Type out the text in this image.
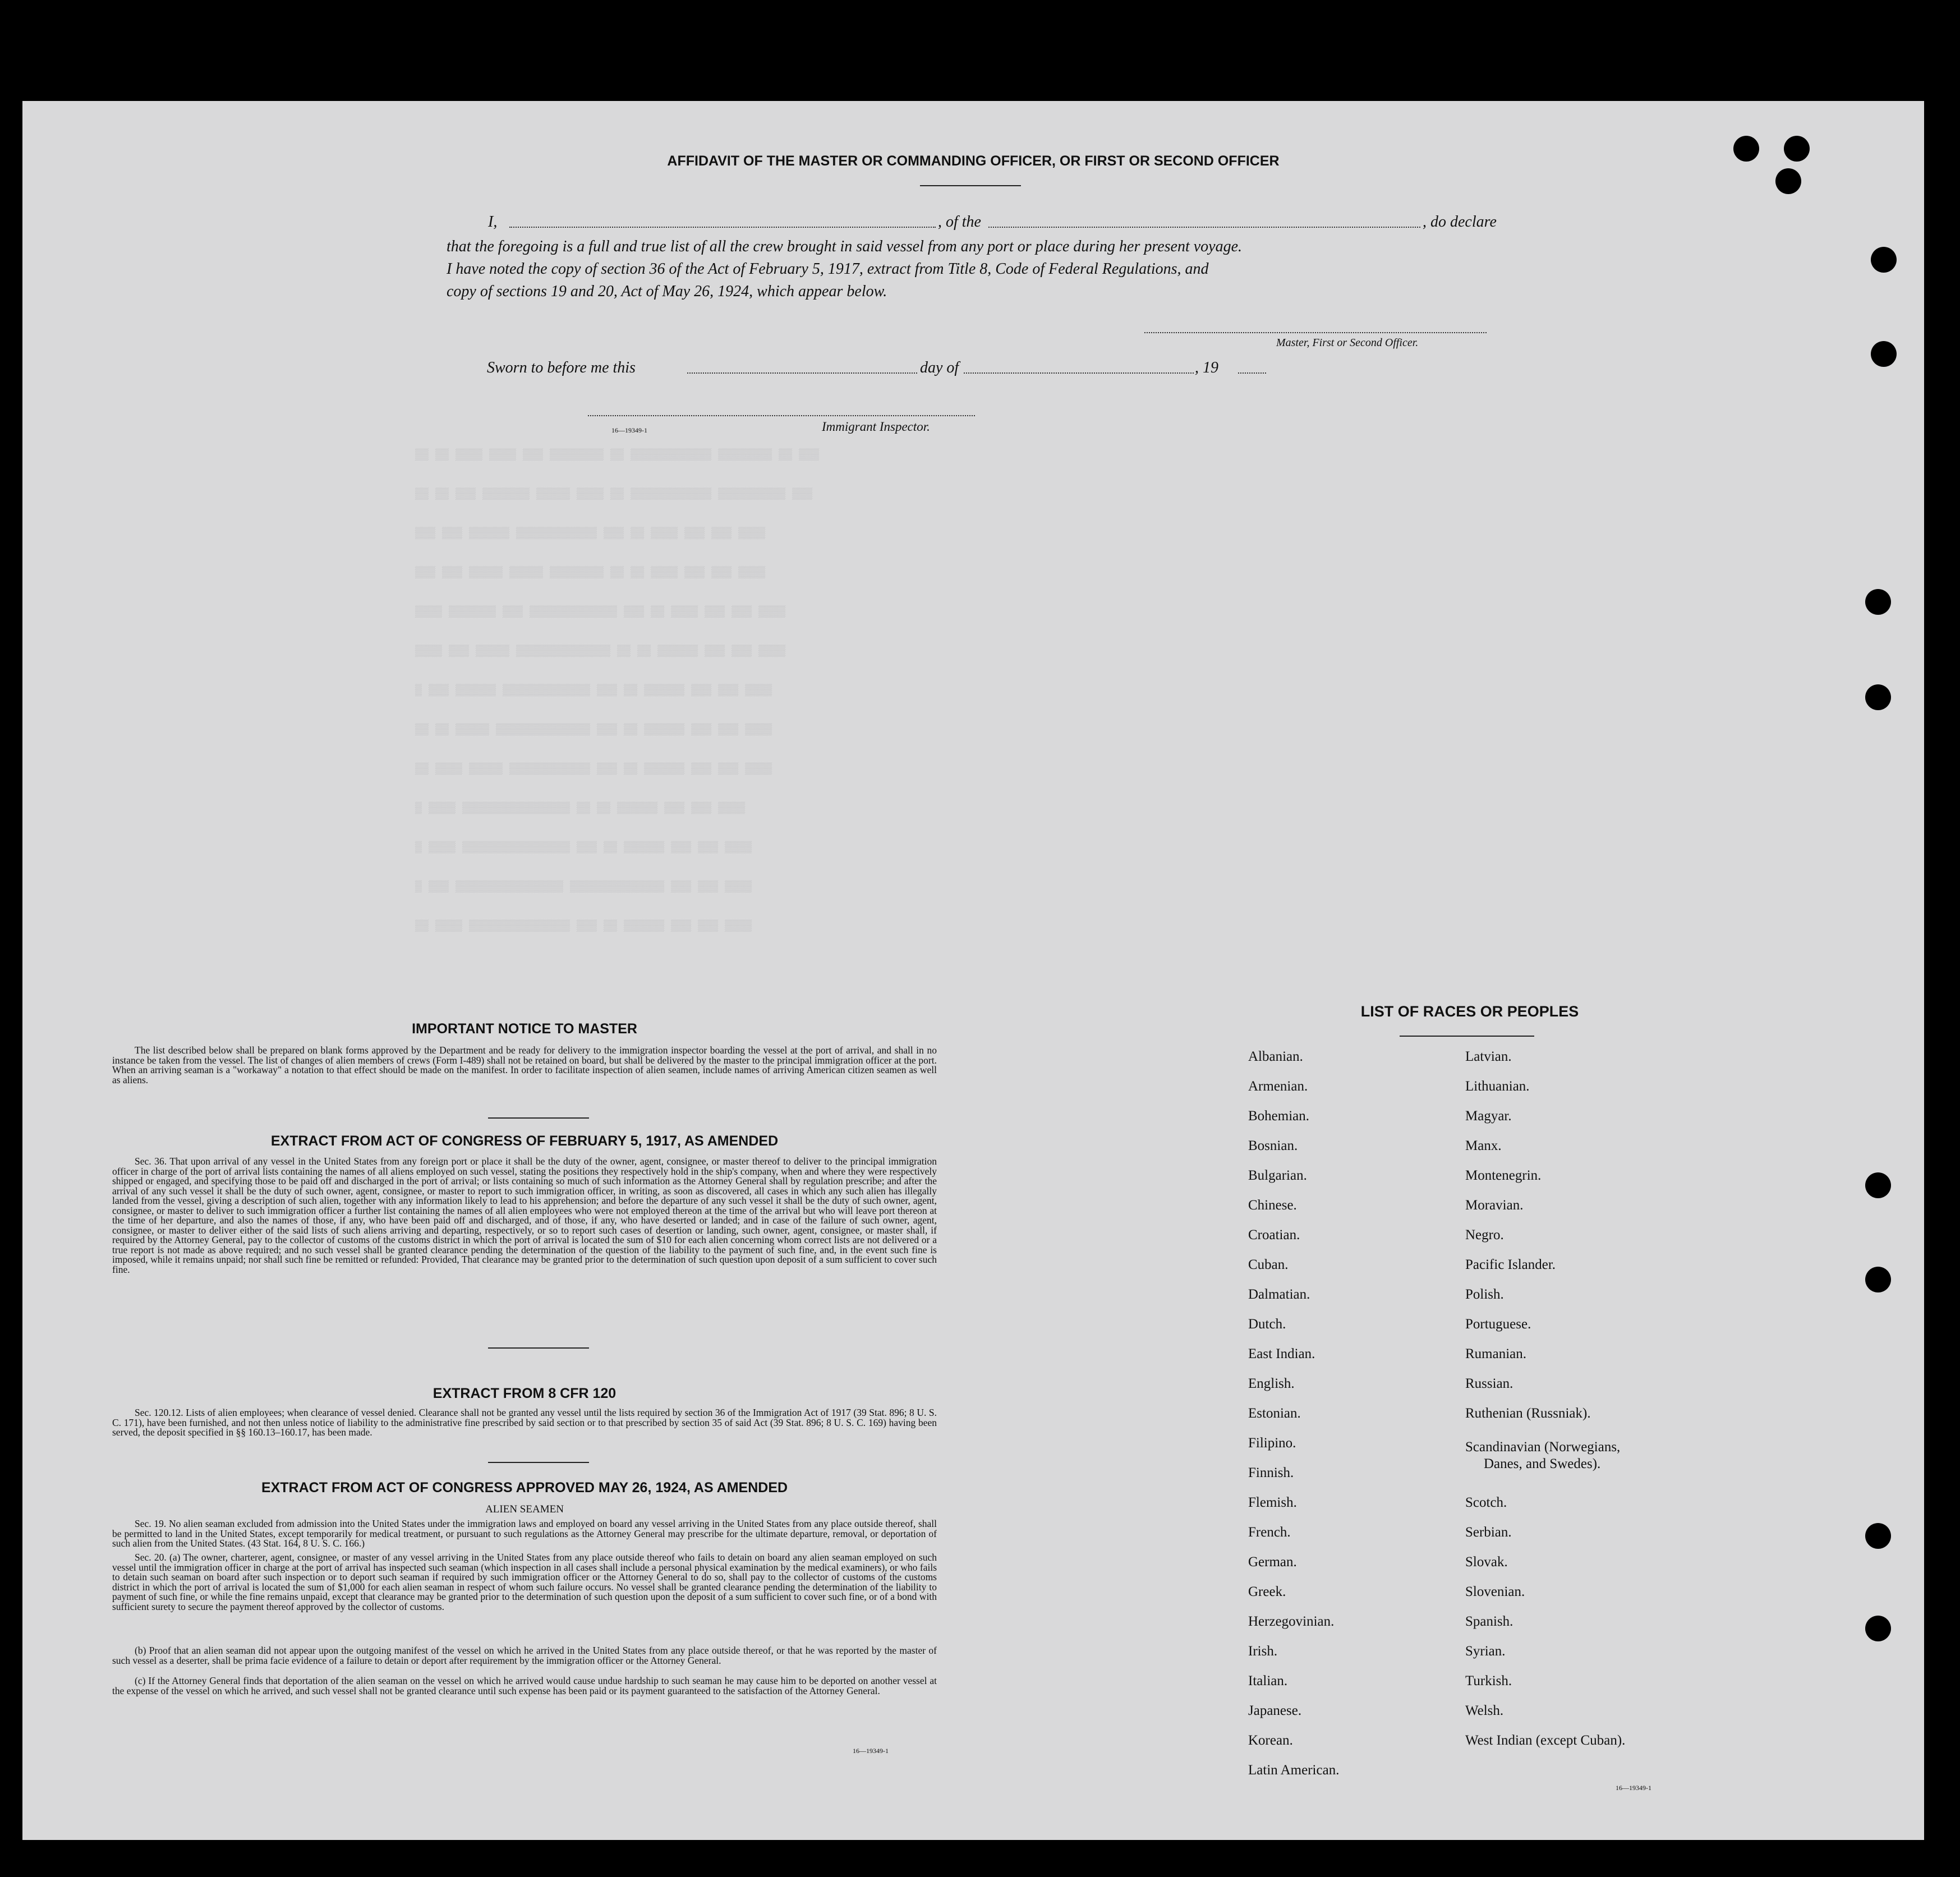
AFFIDAVIT OF THE MASTER OR COMMANDING OFFICER, OR FIRST OR SECOND OFFICER
I,	, of the	, do declare
that the foregoing is a full and true list of all the crew brought in said vessel from any port or place during her present voyage.
I have noted the copy of section 36 of the Act of February 5, 1917, extract from Title 8, Code of Federal Regulations, and
copy of sections 19 and 20, Act of May 26, 1924, which appear below.
Master, First or Second Officer.
Sworn to before me this	day of	, 19
16—19349-1	Immigrant Inspector.
▒▒ ▒▒ ▒▒▒▒ ▒▒▒▒ ▒▒▒ ▒▒▒▒▒▒▒▒ ▒▒ ▒▒▒▒▒▒▒▒▒▒▒▒ ▒▒▒▒▒▒▒▒ ▒▒ ▒▒▒
▒▒ ▒▒ ▒▒▒ ▒▒▒▒▒▒▒ ▒▒▒▒▒ ▒▒▒▒ ▒▒ ▒▒▒▒▒▒▒▒▒▒▒▒ ▒▒▒▒▒▒▒▒▒▒ ▒▒▒
▒▒▒ ▒▒▒ ▒▒▒▒▒▒ ▒▒▒▒▒▒▒▒▒▒▒▒ ▒▒▒ ▒▒ ▒▒▒▒ ▒▒▒ ▒▒▒ ▒▒▒▒
▒▒▒ ▒▒▒ ▒▒▒▒▒ ▒▒▒▒▒ ▒▒▒▒▒▒▒▒ ▒▒ ▒▒ ▒▒▒▒ ▒▒▒ ▒▒▒ ▒▒▒▒
▒▒▒▒ ▒▒▒▒▒▒▒ ▒▒▒ ▒▒▒▒▒▒▒▒▒▒▒▒▒ ▒▒▒ ▒▒ ▒▒▒▒ ▒▒▒ ▒▒▒ ▒▒▒▒
▒▒▒▒ ▒▒▒ ▒▒▒▒▒ ▒▒▒▒▒▒▒▒▒▒▒▒▒▒ ▒▒ ▒▒ ▒▒▒▒▒▒ ▒▒▒ ▒▒▒ ▒▒▒▒
▒ ▒▒▒ ▒▒▒▒▒▒ ▒▒▒▒▒▒▒▒▒▒▒▒▒ ▒▒▒ ▒▒ ▒▒▒▒▒▒ ▒▒▒ ▒▒▒ ▒▒▒▒
▒▒ ▒▒ ▒▒▒▒▒ ▒▒▒▒▒▒▒▒▒▒▒▒▒▒ ▒▒▒ ▒▒ ▒▒▒▒▒▒ ▒▒▒ ▒▒▒ ▒▒▒▒
▒▒ ▒▒▒▒ ▒▒▒▒▒ ▒▒▒▒▒▒▒▒▒▒▒▒ ▒▒▒ ▒▒ ▒▒▒▒▒▒ ▒▒▒ ▒▒▒ ▒▒▒▒
▒ ▒▒▒▒ ▒▒▒▒▒▒▒▒▒▒▒▒▒▒▒▒ ▒▒ ▒▒ ▒▒▒▒▒▒ ▒▒▒ ▒▒▒ ▒▒▒▒
▒ ▒▒▒▒ ▒▒▒▒▒▒▒▒▒▒▒▒▒▒▒▒ ▒▒▒ ▒▒ ▒▒▒▒▒▒ ▒▒▒ ▒▒▒ ▒▒▒▒
▒ ▒▒▒ ▒▒▒▒▒▒▒▒▒▒▒▒▒▒▒▒ ▒▒▒▒▒▒▒▒▒▒▒▒▒▒ ▒▒▒ ▒▒▒ ▒▒▒▒
▒▒ ▒▒▒▒ ▒▒▒▒▒▒▒▒▒▒▒▒▒▒▒ ▒▒▒ ▒▒ ▒▒▒▒▒▒ ▒▒▒ ▒▒▒ ▒▒▒▒
IMPORTANT NOTICE TO MASTER
The list described below shall be prepared on blank forms approved by the Department and be ready for delivery to the immigration inspector boarding the vessel at the port of arrival, and shall in no instance be taken from the vessel. The list of changes of alien members of crews (Form I-489) shall not be retained on board, but shall be delivered by the master to the principal immigration officer at the port. When an arriving seaman is a "workaway" a notation to that effect should be made on the manifest. In order to facilitate inspection of alien seamen, include names of arriving American citizen seamen as well as aliens.
EXTRACT FROM ACT OF CONGRESS OF FEBRUARY 5, 1917, AS AMENDED
Sec. 36. That upon arrival of any vessel in the United States from any foreign port or place it shall be the duty of the owner, agent, consignee, or master thereof to deliver to the principal immigration officer in charge of the port of arrival lists containing the names of all aliens employed on such vessel, stating the positions they respectively hold in the ship's company, when and where they were respectively shipped or engaged, and specifying those to be paid off and discharged in the port of arrival; or lists containing so much of such information as the Attorney General shall by regulation prescribe; and after the arrival of any such vessel it shall be the duty of such owner, agent, consignee, or master to report to such immigration officer, in writing, as soon as discovered, all cases in which any such alien has illegally landed from the vessel, giving a description of such alien, together with any information likely to lead to his apprehension; and before the departure of any such vessel it shall be the duty of such owner, agent, consignee, or master to deliver to such immigration officer a further list containing the names of all alien employees who were not employed thereon at the time of the arrival but who will leave port thereon at the time of her departure, and also the names of those, if any, who have been paid off and discharged, and of those, if any, who have deserted or landed; and in case of the failure of such owner, agent, consignee, or master to deliver either of the said lists of such aliens arriving and departing, respectively, or so to report such cases of desertion or landing, such owner, agent, consignee, or master shall, if required by the Attorney General, pay to the collector of customs of the customs district in which the port of arrival is located the sum of $10 for each alien concerning whom correct lists are not delivered or a true report is not made as above required; and no such vessel shall be granted clearance pending the determination of the question of the liability to the payment of such fine, and, in the event such fine is imposed, while it remains unpaid; nor shall such fine be remitted or refunded: Provided, That clearance may be granted prior to the determination of such question upon deposit of a sum sufficient to cover such fine.
EXTRACT FROM 8 CFR 120
Sec. 120.12. Lists of alien employees; when clearance of vessel denied. Clearance shall not be granted any vessel until the lists required by section 36 of the Immigration Act of 1917 (39 Stat. 896; 8 U. S. C. 171), have been furnished, and not then unless notice of liability to the administrative fine prescribed by said section or to that prescribed by section 35 of said Act (39 Stat. 896; 8 U. S. C. 169) having been served, the deposit specified in §§ 160.13–160.17, has been made.
EXTRACT FROM ACT OF CONGRESS APPROVED MAY 26, 1924, AS AMENDED
ALIEN SEAMEN
Sec. 19. No alien seaman excluded from admission into the United States under the immigration laws and employed on board any vessel arriving in the United States from any place outside thereof, shall be permitted to land in the United States, except temporarily for medical treatment, or pursuant to such regulations as the Attorney General may prescribe for the ultimate departure, removal, or deportation of such alien from the United States. (43 Stat. 164, 8 U. S. C. 166.)
Sec. 20. (a) The owner, charterer, agent, consignee, or master of any vessel arriving in the United States from any place outside thereof who fails to detain on board any alien seaman employed on such vessel until the immigration officer in charge at the port of arrival has inspected such seaman (which inspection in all cases shall include a personal physical examination by the medical examiners), or who fails to detain such seaman on board after such inspection or to deport such seaman if required by such immigration officer or the Attorney General to do so, shall pay to the collector of customs of the customs district in which the port of arrival is located the sum of $1,000 for each alien seaman in respect of whom such failure occurs. No vessel shall be granted clearance pending the determination of the liability to payment of such fine, or while the fine remains unpaid, except that clearance may be granted prior to the determination of such question upon the deposit of a sum sufficient to cover such fine, or of a bond with sufficient surety to secure the payment thereof approved by the collector of customs.
(b) Proof that an alien seaman did not appear upon the outgoing manifest of the vessel on which he arrived in the United States from any place outside thereof, or that he was reported by the master of such vessel as a deserter, shall be prima facie evidence of a failure to detain or deport after requirement by the immigration officer or the Attorney General.
(c) If the Attorney General finds that deportation of the alien seaman on the vessel on which he arrived would cause undue hardship to such seaman he may cause him to be deported on another vessel at the expense of the vessel on which he arrived, and such vessel shall not be granted clearance until such expense has been paid or its payment guaranteed to the satisfaction of the Attorney General.
16—19349-1
LIST OF RACES OR PEOPLES
Albanian.
Armenian.
Bohemian.
Bosnian.
Bulgarian.
Chinese.
Croatian.
Cuban.
Dalmatian.
Dutch.
East Indian.
English.
Estonian.
Filipino.
Finnish.
Flemish.
French.
German.
Greek.
Herzegovinian.
Irish.
Italian.
Japanese.
Korean.
Latin American.
Latvian.
Lithuanian.
Magyar.
Manx.
Montenegrin.
Moravian.
Negro.
Pacific Islander.
Polish.
Portuguese.
Rumanian.
Russian.
Ruthenian (Russniak).
Scandinavian (Norwegians,
Danes, and Swedes).
Scotch.
Serbian.
Slovak.
Slovenian.
Spanish.
Syrian.
Turkish.
Welsh.
West Indian (except Cuban).
16—19349-1
